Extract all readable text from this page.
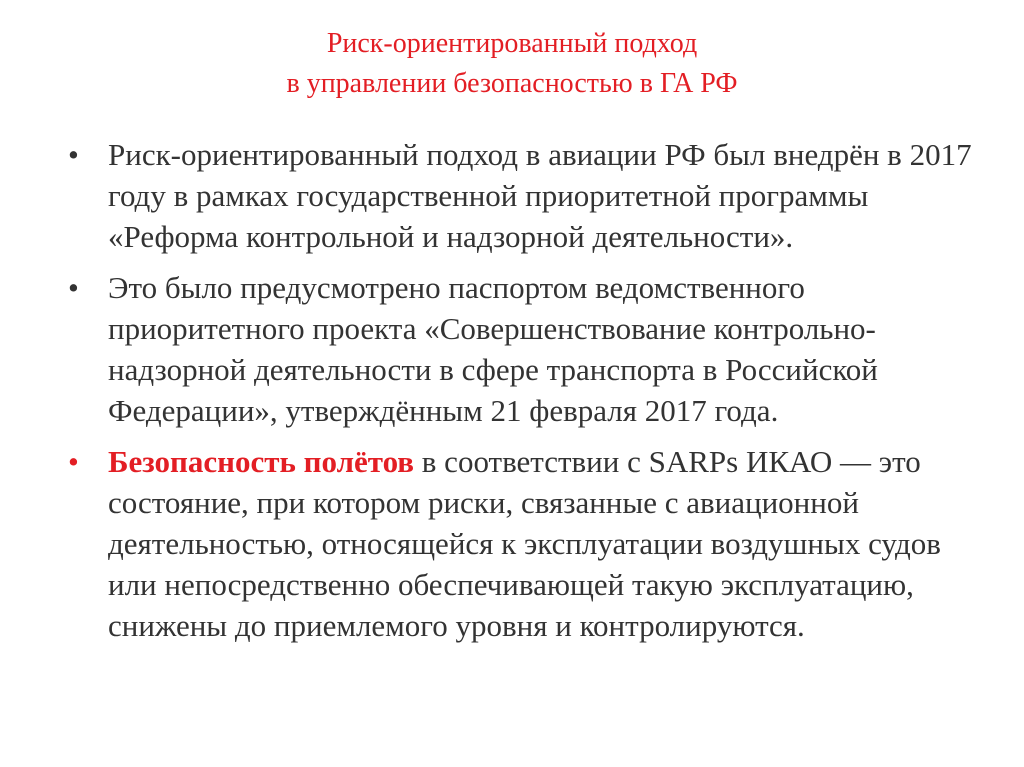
Риск-ориентированный подход
в управлении безопасностью в ГА РФ
• Риск-ориентированный подход в авиации РФ был внедрён в 2017 году в рамках государственной приоритетной программы «Реформа контрольной и надзорной деятельности».
• Это было предусмотрено паспортом ведомственного приоритетного проекта «Совершенствование контрольно-надзорной деятельности в сфере транспорта в Российской Федерации», утверждённым 21 февраля 2017 года.
• Безопасность полётов в соответствии с SARPs ИКАО — это состояние, при котором риски, связанные с авиационной деятельностью, относящейся к эксплуатации воздушных судов или непосредственно обеспечивающей такую эксплуатацию, снижены до приемлемого уровня и контролируются.
